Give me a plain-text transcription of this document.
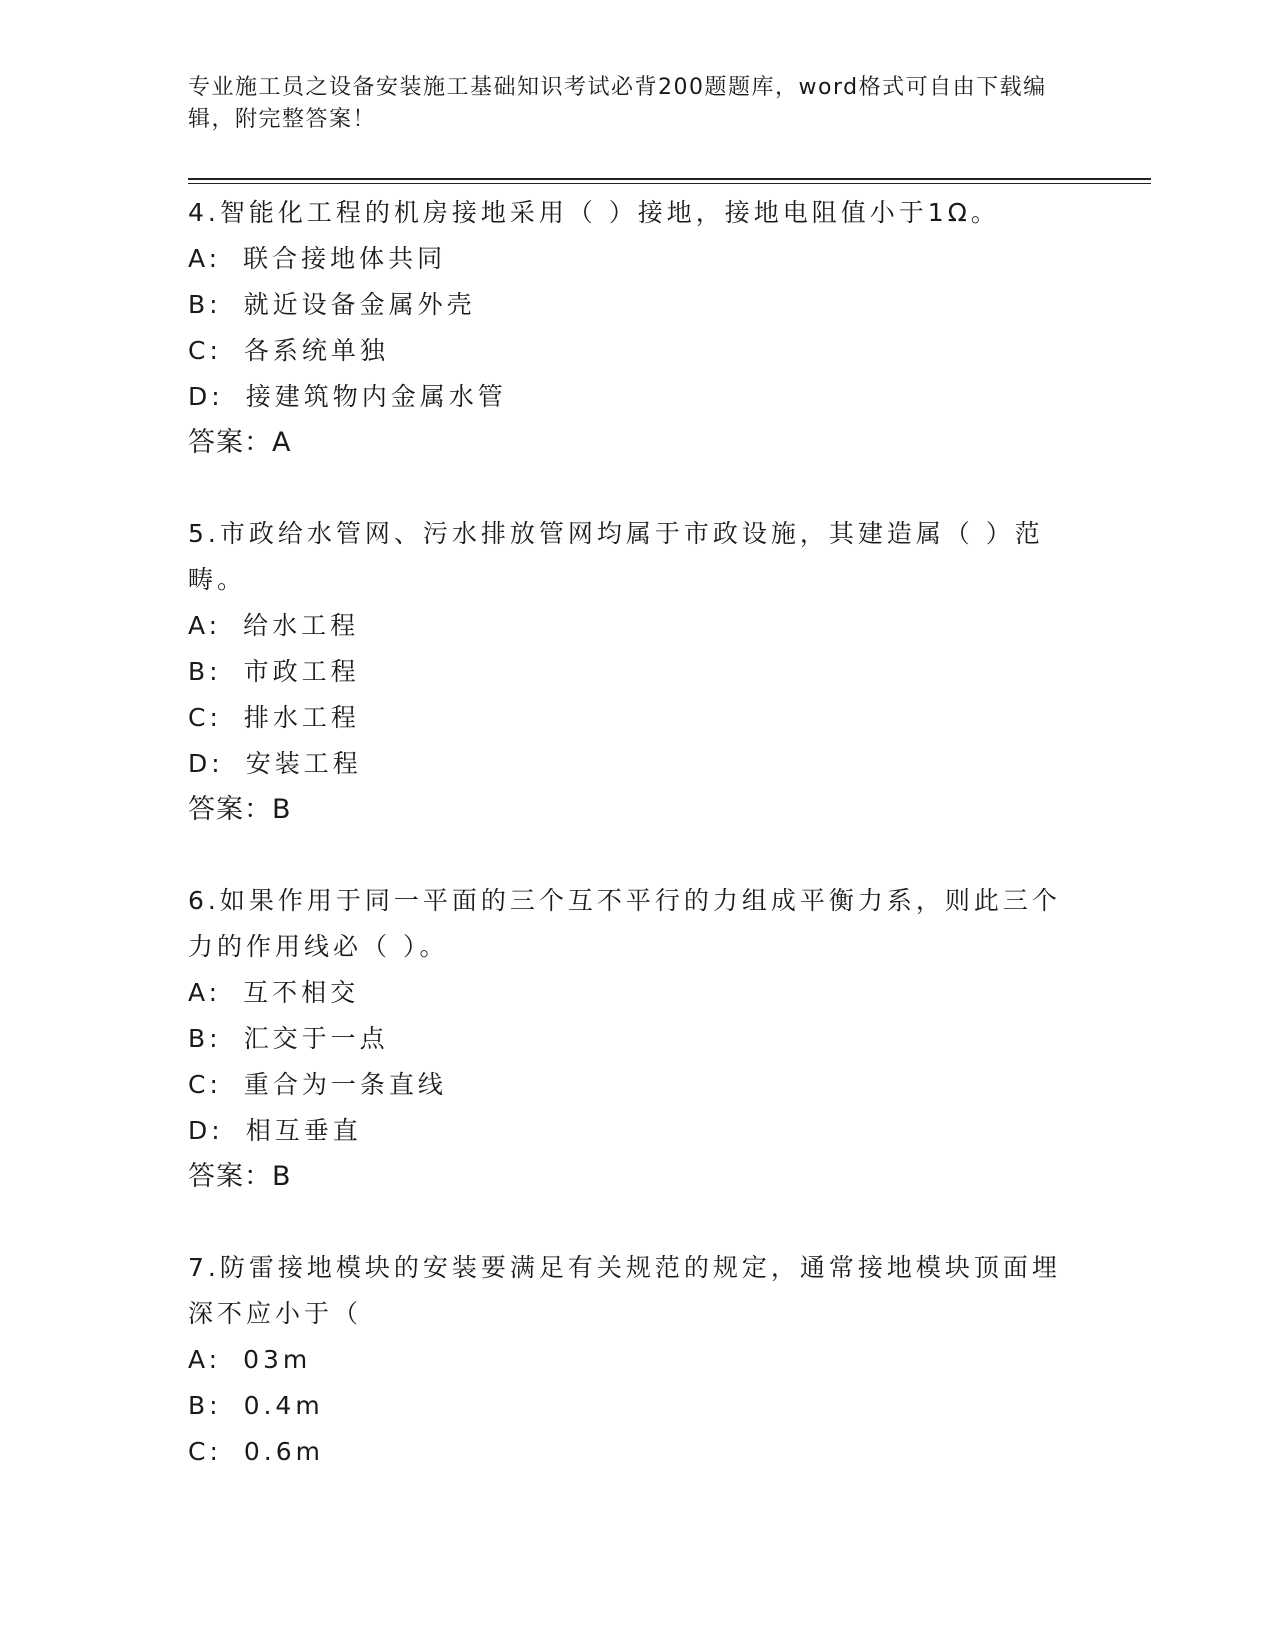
专业施工员之设备安装施工基础知识考试必背200题题库，word格式可自由下载编辑，附完整答案！
4.智能化工程的机房接地采用（ ）接地，接地电阻值小于1Ω。
A: 联合接地体共同
B: 就近设备金属外壳
C: 各系统单独
D: 接建筑物内金属水管
答案：A
5.市政给水管网、污水排放管网均属于市政设施，其建造属（ ）范畴。
A: 给水工程
B: 市政工程
C: 排水工程
D: 安装工程
答案：B
6.如果作用于同一平面的三个互不平行的力组成平衡力系，则此三个力的作用线必（ ）。
A: 互不相交
B: 汇交于一点
C: 重合为一条直线
D: 相互垂直
答案：B
7.防雷接地模块的安装要满足有关规范的规定，通常接地模块顶面埋深不应小于（
A: 03m
B: 0.4m
C: 0.6m
